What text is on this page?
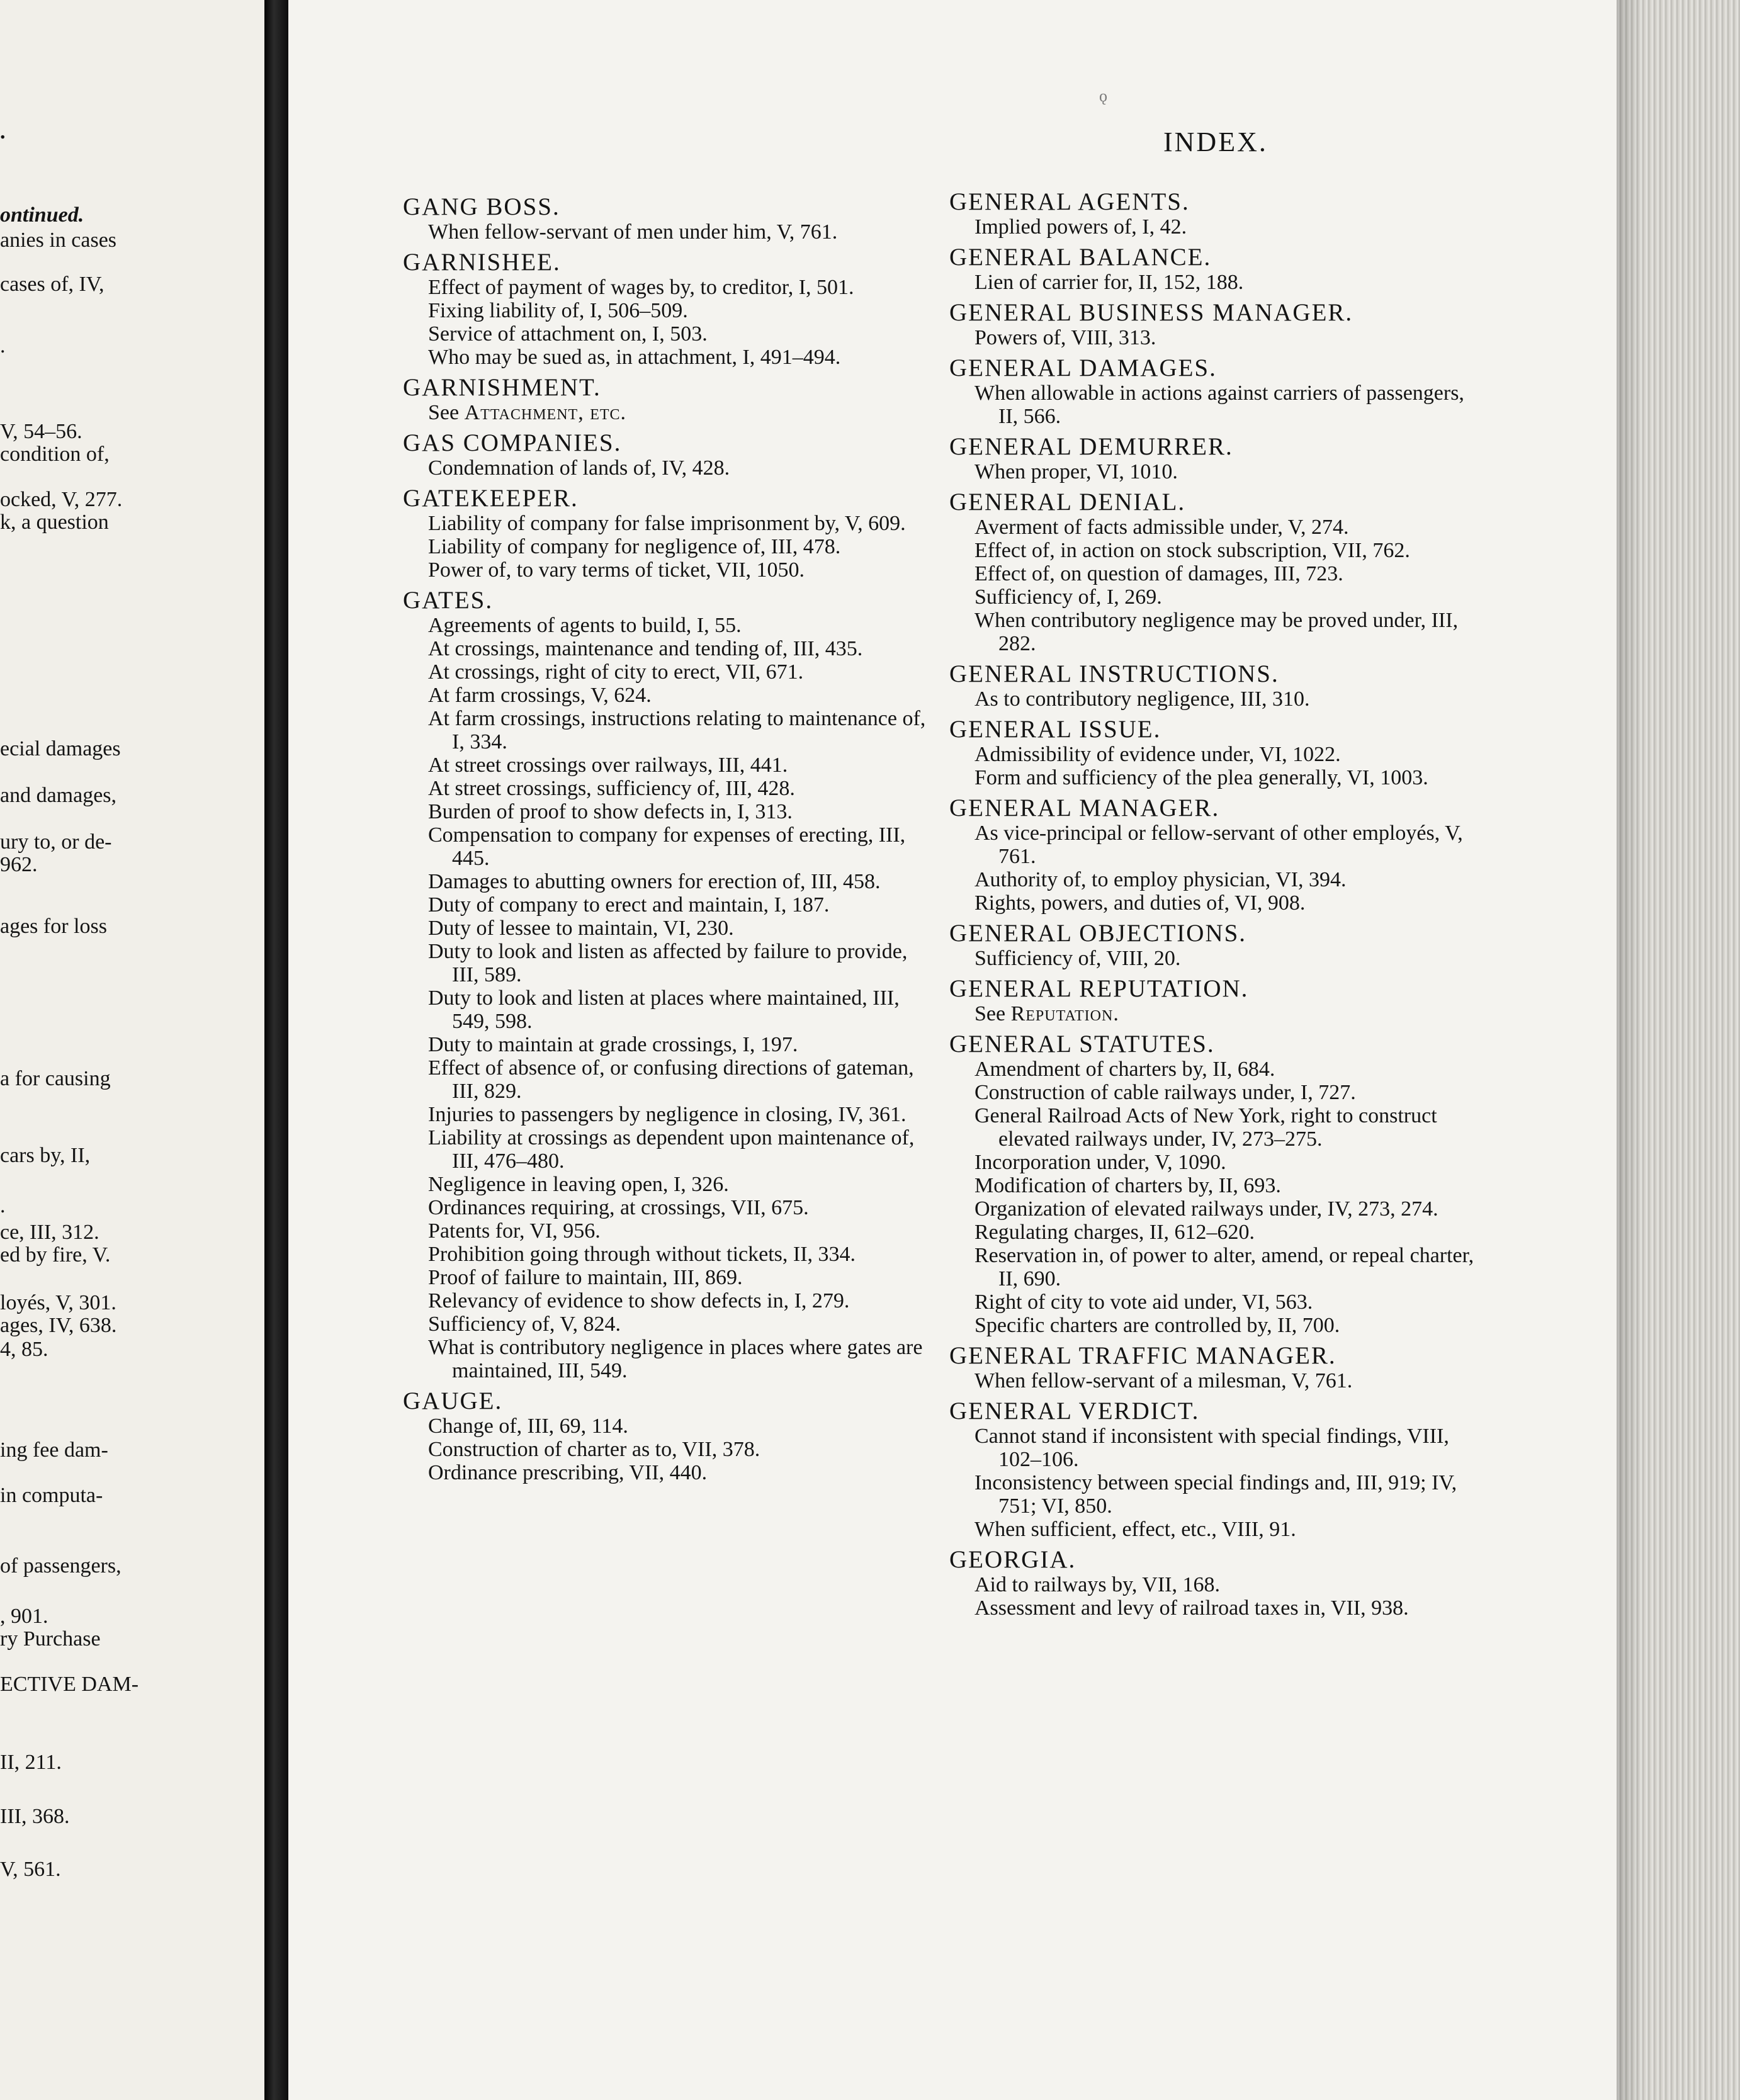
.
ontinued.
anies in cases
cases of, IV,
.
V, 54–56.
condition of,
ocked, V, 277.
k, a question
ecial damages
and damages,
ury to, or de-
962.
ages for loss
a for causing
cars by, II,
.
ce, III, 312.
ed by fire, V.
loyés, V, 301.
ages, IV, 638.
4, 85.
ing fee dam-
in computa-
of passengers,
, 901.
ry Purchase
ECTIVE DAM-
II, 211.
III, 368.
V, 561.
ǫ
INDEX.
GANG BOSS.
When fellow-servant of men under him, V, 761.
GARNISHEE.
Effect of payment of wages by, to creditor, I, 501.
Fixing liability of, I, 506–509.
Service of attachment on, I, 503.
Who may be sued as, in attachment, I, 491–494.
GARNISHMENT.
See Attachment, etc.
GAS COMPANIES.
Condemnation of lands of, IV, 428.
GATEKEEPER.
Liability of company for false imprisonment by, V, 609.
Liability of company for negligence of, III, 478.
Power of, to vary terms of ticket, VII, 1050.
GATES.
Agreements of agents to build, I, 55.
At crossings, maintenance and tending of, III, 435.
At crossings, right of city to erect, VII, 671.
At farm crossings, V, 624.
At farm crossings, instructions relating to maintenance of, I, 334.
At street crossings over railways, III, 441.
At street crossings, sufficiency of, III, 428.
Burden of proof to show defects in, I, 313.
Compensation to company for expenses of erecting, III, 445.
Damages to abutting owners for erection of, III, 458.
Duty of company to erect and maintain, I, 187.
Duty of lessee to maintain, VI, 230.
Duty to look and listen as affected by failure to provide, III, 589.
Duty to look and listen at places where maintained, III, 549, 598.
Duty to maintain at grade crossings, I, 197.
Effect of absence of, or confusing directions of gateman, III, 829.
Injuries to passengers by negligence in closing, IV, 361.
Liability at crossings as dependent upon maintenance of, III, 476–480.
Negligence in leaving open, I, 326.
Ordinances requiring, at crossings, VII, 675.
Patents for, VI, 956.
Prohibition going through without tickets, II, 334.
Proof of failure to maintain, III, 869.
Relevancy of evidence to show defects in, I, 279.
Sufficiency of, V, 824.
What is contributory negligence in places where gates are maintained, III, 549.
GAUGE.
Change of, III, 69, 114.
Construction of charter as to, VII, 378.
Ordinance prescribing, VII, 440.
GENERAL AGENTS.
Implied powers of, I, 42.
GENERAL BALANCE.
Lien of carrier for, II, 152, 188.
GENERAL BUSINESS MANAGER.
Powers of, VIII, 313.
GENERAL DAMAGES.
When allowable in actions against carriers of passengers, II, 566.
GENERAL DEMURRER.
When proper, VI, 1010.
GENERAL DENIAL.
Averment of facts admissible under, V, 274.
Effect of, in action on stock subscription, VII, 762.
Effect of, on question of damages, III, 723.
Sufficiency of, I, 269.
When contributory negligence may be proved under, III, 282.
GENERAL INSTRUCTIONS.
As to contributory negligence, III, 310.
GENERAL ISSUE.
Admissibility of evidence under, VI, 1022.
Form and sufficiency of the plea generally, VI, 1003.
GENERAL MANAGER.
As vice-principal or fellow-servant of other employés, V, 761.
Authority of, to employ physician, VI, 394.
Rights, powers, and duties of, VI, 908.
GENERAL OBJECTIONS.
Sufficiency of, VIII, 20.
GENERAL REPUTATION.
See Reputation.
GENERAL STATUTES.
Amendment of charters by, II, 684.
Construction of cable railways under, I, 727.
General Railroad Acts of New York, right to construct elevated railways under, IV, 273–275.
Incorporation under, V, 1090.
Modification of charters by, II, 693.
Organization of elevated railways under, IV, 273, 274.
Regulating charges, II, 612–620.
Reservation in, of power to alter, amend, or repeal charter, II, 690.
Right of city to vote aid under, VI, 563.
Specific charters are controlled by, II, 700.
GENERAL TRAFFIC MANAGER.
When fellow-servant of a milesman, V, 761.
GENERAL VERDICT.
Cannot stand if inconsistent with special findings, VIII, 102–106.
Inconsistency between special findings and, III, 919; IV, 751; VI, 850.
When sufficient, effect, etc., VIII, 91.
GEORGIA.
Aid to railways by, VII, 168.
Assessment and levy of railroad taxes in, VII, 938.
